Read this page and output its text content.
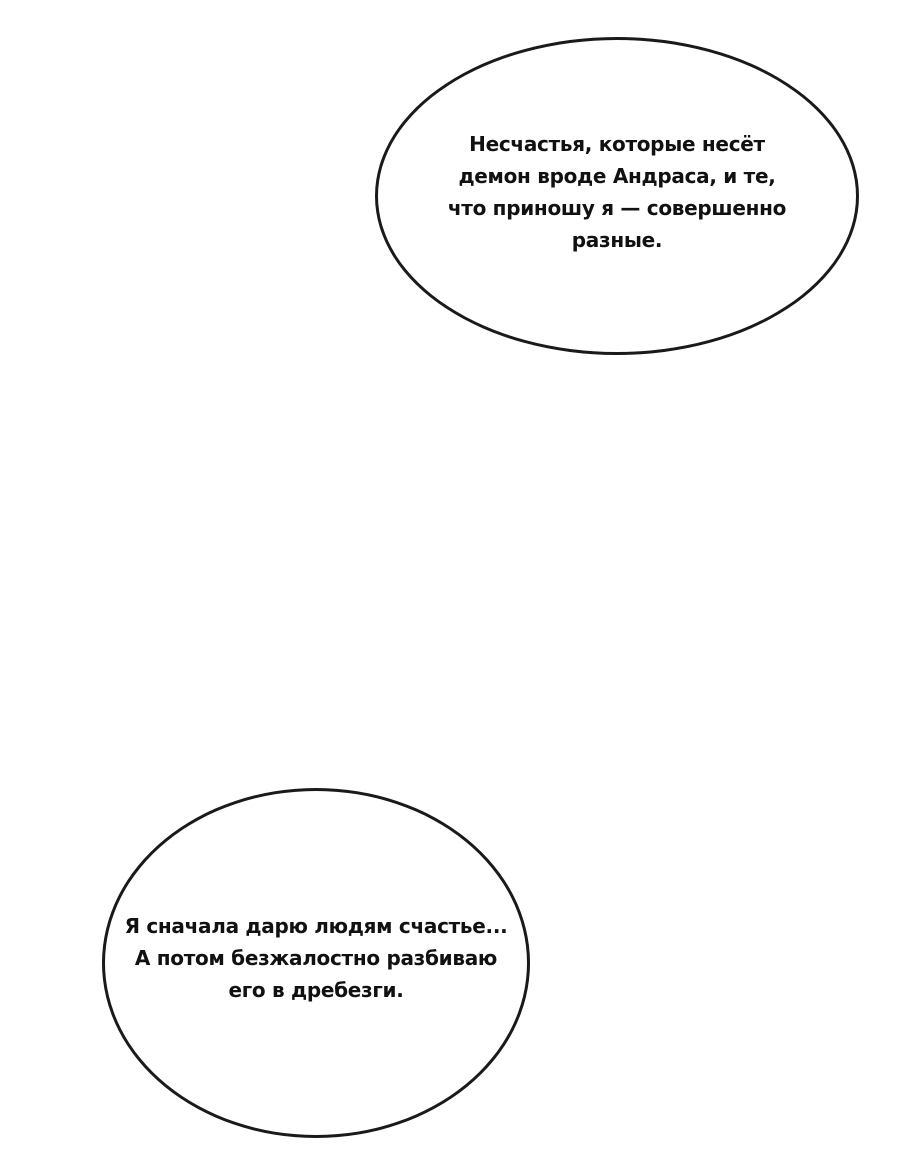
Несчастья, которые несёт
демон вроде Андраса, и те,
что приношу я — совершенно
разные.
Я сначала дарю людям счастье...
А потом безжалостно разбиваю
его в дребезги.
